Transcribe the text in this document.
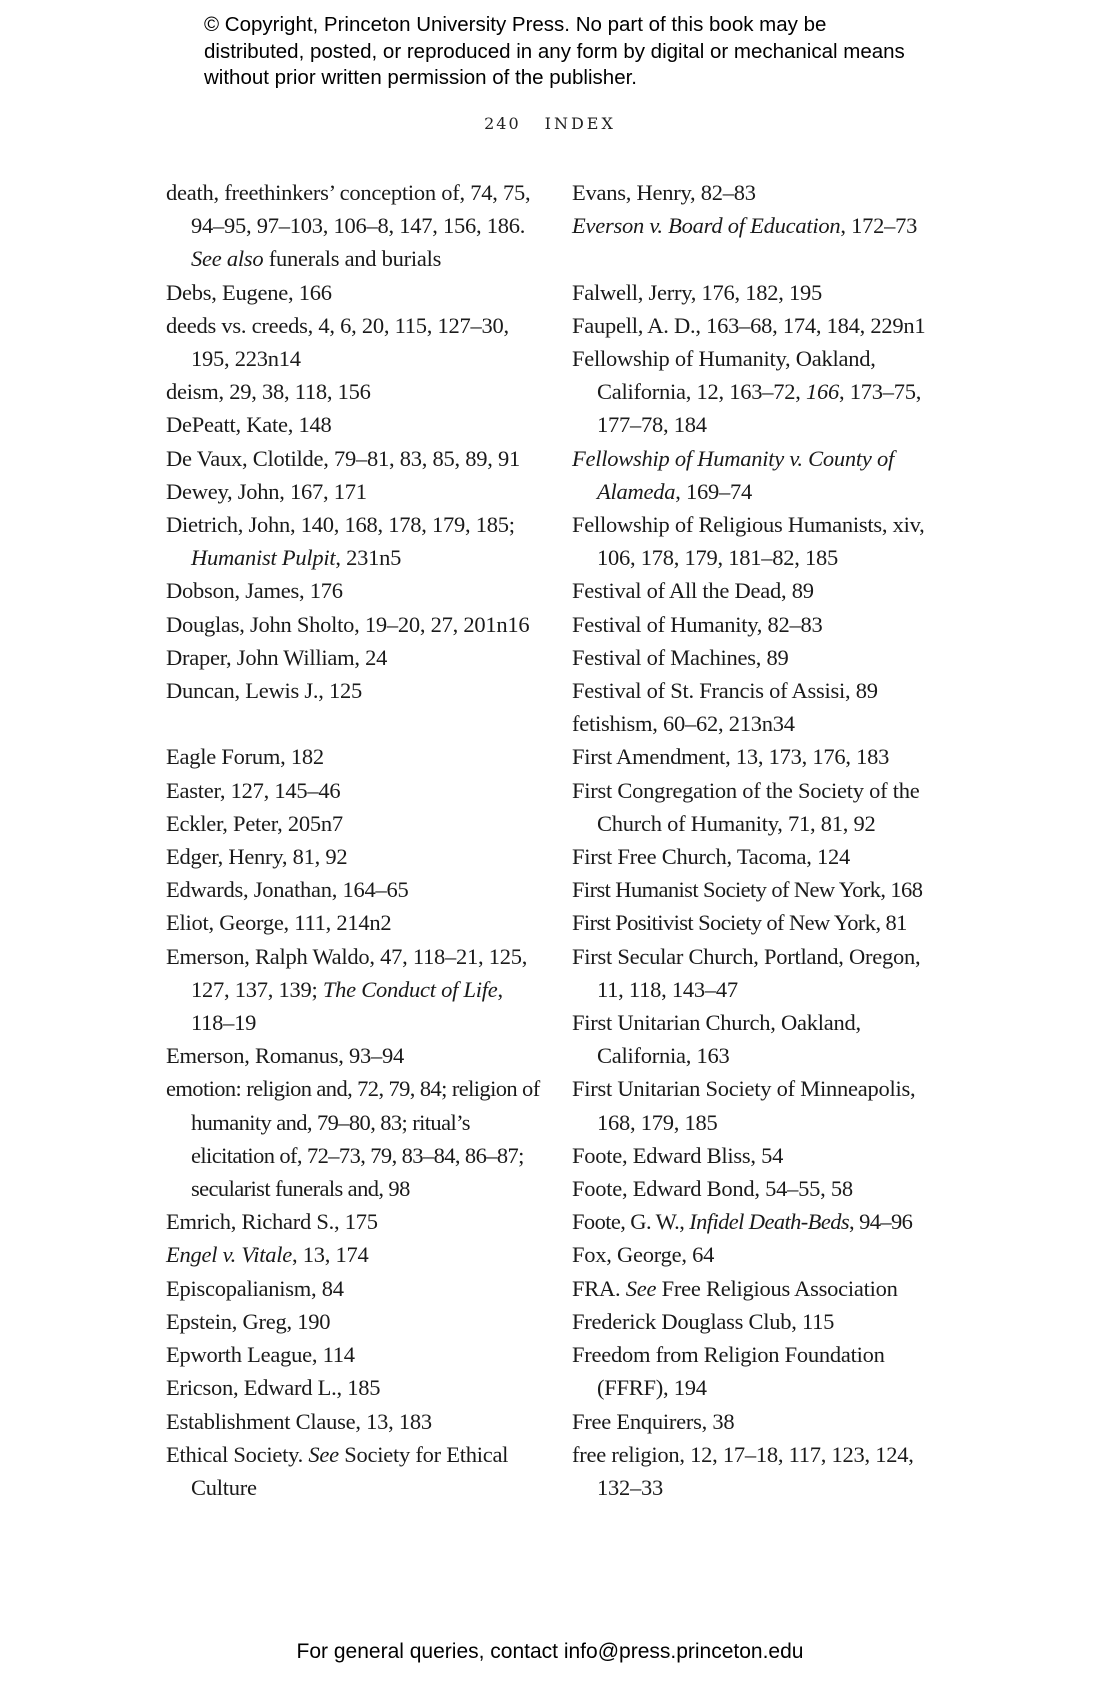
© Copyright, Princeton University Press. No part of this book may be distributed, posted, or reproduced in any form by digital or mechanical means without prior written permission of the publisher.
240 INDEX

death, freethinkers’ conception of, 74, 75, 94–95, 97–103, 106–8, 147, 156, 186. See also funerals and burials

Debs, Eugene, 166

deeds vs. creeds, 4, 6, 20, 115, 127–30, 195, 223n14

deism, 29, 38, 118, 156

DePeatt, Kate, 148

De Vaux, Clotilde, 79–81, 83, 85, 89, 91

Dewey, John, 167, 171

Dietrich, John, 140, 168, 178, 179, 185; Humanist Pulpit, 231n5

Dobson, James, 176

Douglas, John Sholto, 19–20, 27, 201n16

Draper, John William, 24

Duncan, Lewis J., 125

Eagle Forum, 182

Easter, 127, 145–46

Eckler, Peter, 205n7

Edger, Henry, 81, 92

Edwards, Jonathan, 164–65

Eliot, George, 111, 214n2

Emerson, Ralph Waldo, 47, 118–21, 125, 127, 137, 139; The Conduct of Life, 118–19

Emerson, Romanus, 93–94

emotion: religion and, 72, 79, 84; religion of humanity and, 79–80, 83; ritual’s elicitation of, 72–73, 79, 83–84, 86–87; secularist funerals and, 98

Emrich, Richard S., 175

Engel v. Vitale, 13, 174

Episcopalianism, 84

Epstein, Greg, 190

Epworth League, 114

Ericson, Edward L., 185

Establishment Clause, 13, 183

Ethical Society. See Society for Ethical Culture

Evans, Henry, 82–83

Everson v. Board of Education, 172–73

Falwell, Jerry, 176, 182, 195

Faupell, A. D., 163–68, 174, 184, 229n1

Fellowship of Humanity, Oakland, California, 12, 163–72, 166, 173–75, 177–78, 184

Fellowship of Humanity v. County of Alameda, 169–74

Fellowship of Religious Humanists, xiv, 106, 178, 179, 181–82, 185

Festival of All the Dead, 89

Festival of Humanity, 82–83

Festival of Machines, 89

Festival of St. Francis of Assisi, 89

fetishism, 60–62, 213n34

First Amendment, 13, 173, 176, 183

First Congregation of the Society of the Church of Humanity, 71, 81, 92

First Free Church, Tacoma, 124

First Humanist Society of New York, 168

First Positivist Society of New York, 81

First Secular Church, Portland, Oregon, 11, 118, 143–47

First Unitarian Church, Oakland, California, 163

First Unitarian Society of Minneapolis, 168, 179, 185

Foote, Edward Bliss, 54

Foote, Edward Bond, 54–55, 58

Foote, G. W., Infidel Death-Beds, 94–96

Fox, George, 64

FRA. See Free Religious Association

Frederick Douglass Club, 115

Freedom from Religion Foundation (FFRF), 194

Free Enquirers, 38

free religion, 12, 17–18, 117, 123, 124, 132–33

For general queries, contact info@press.princeton.edu
